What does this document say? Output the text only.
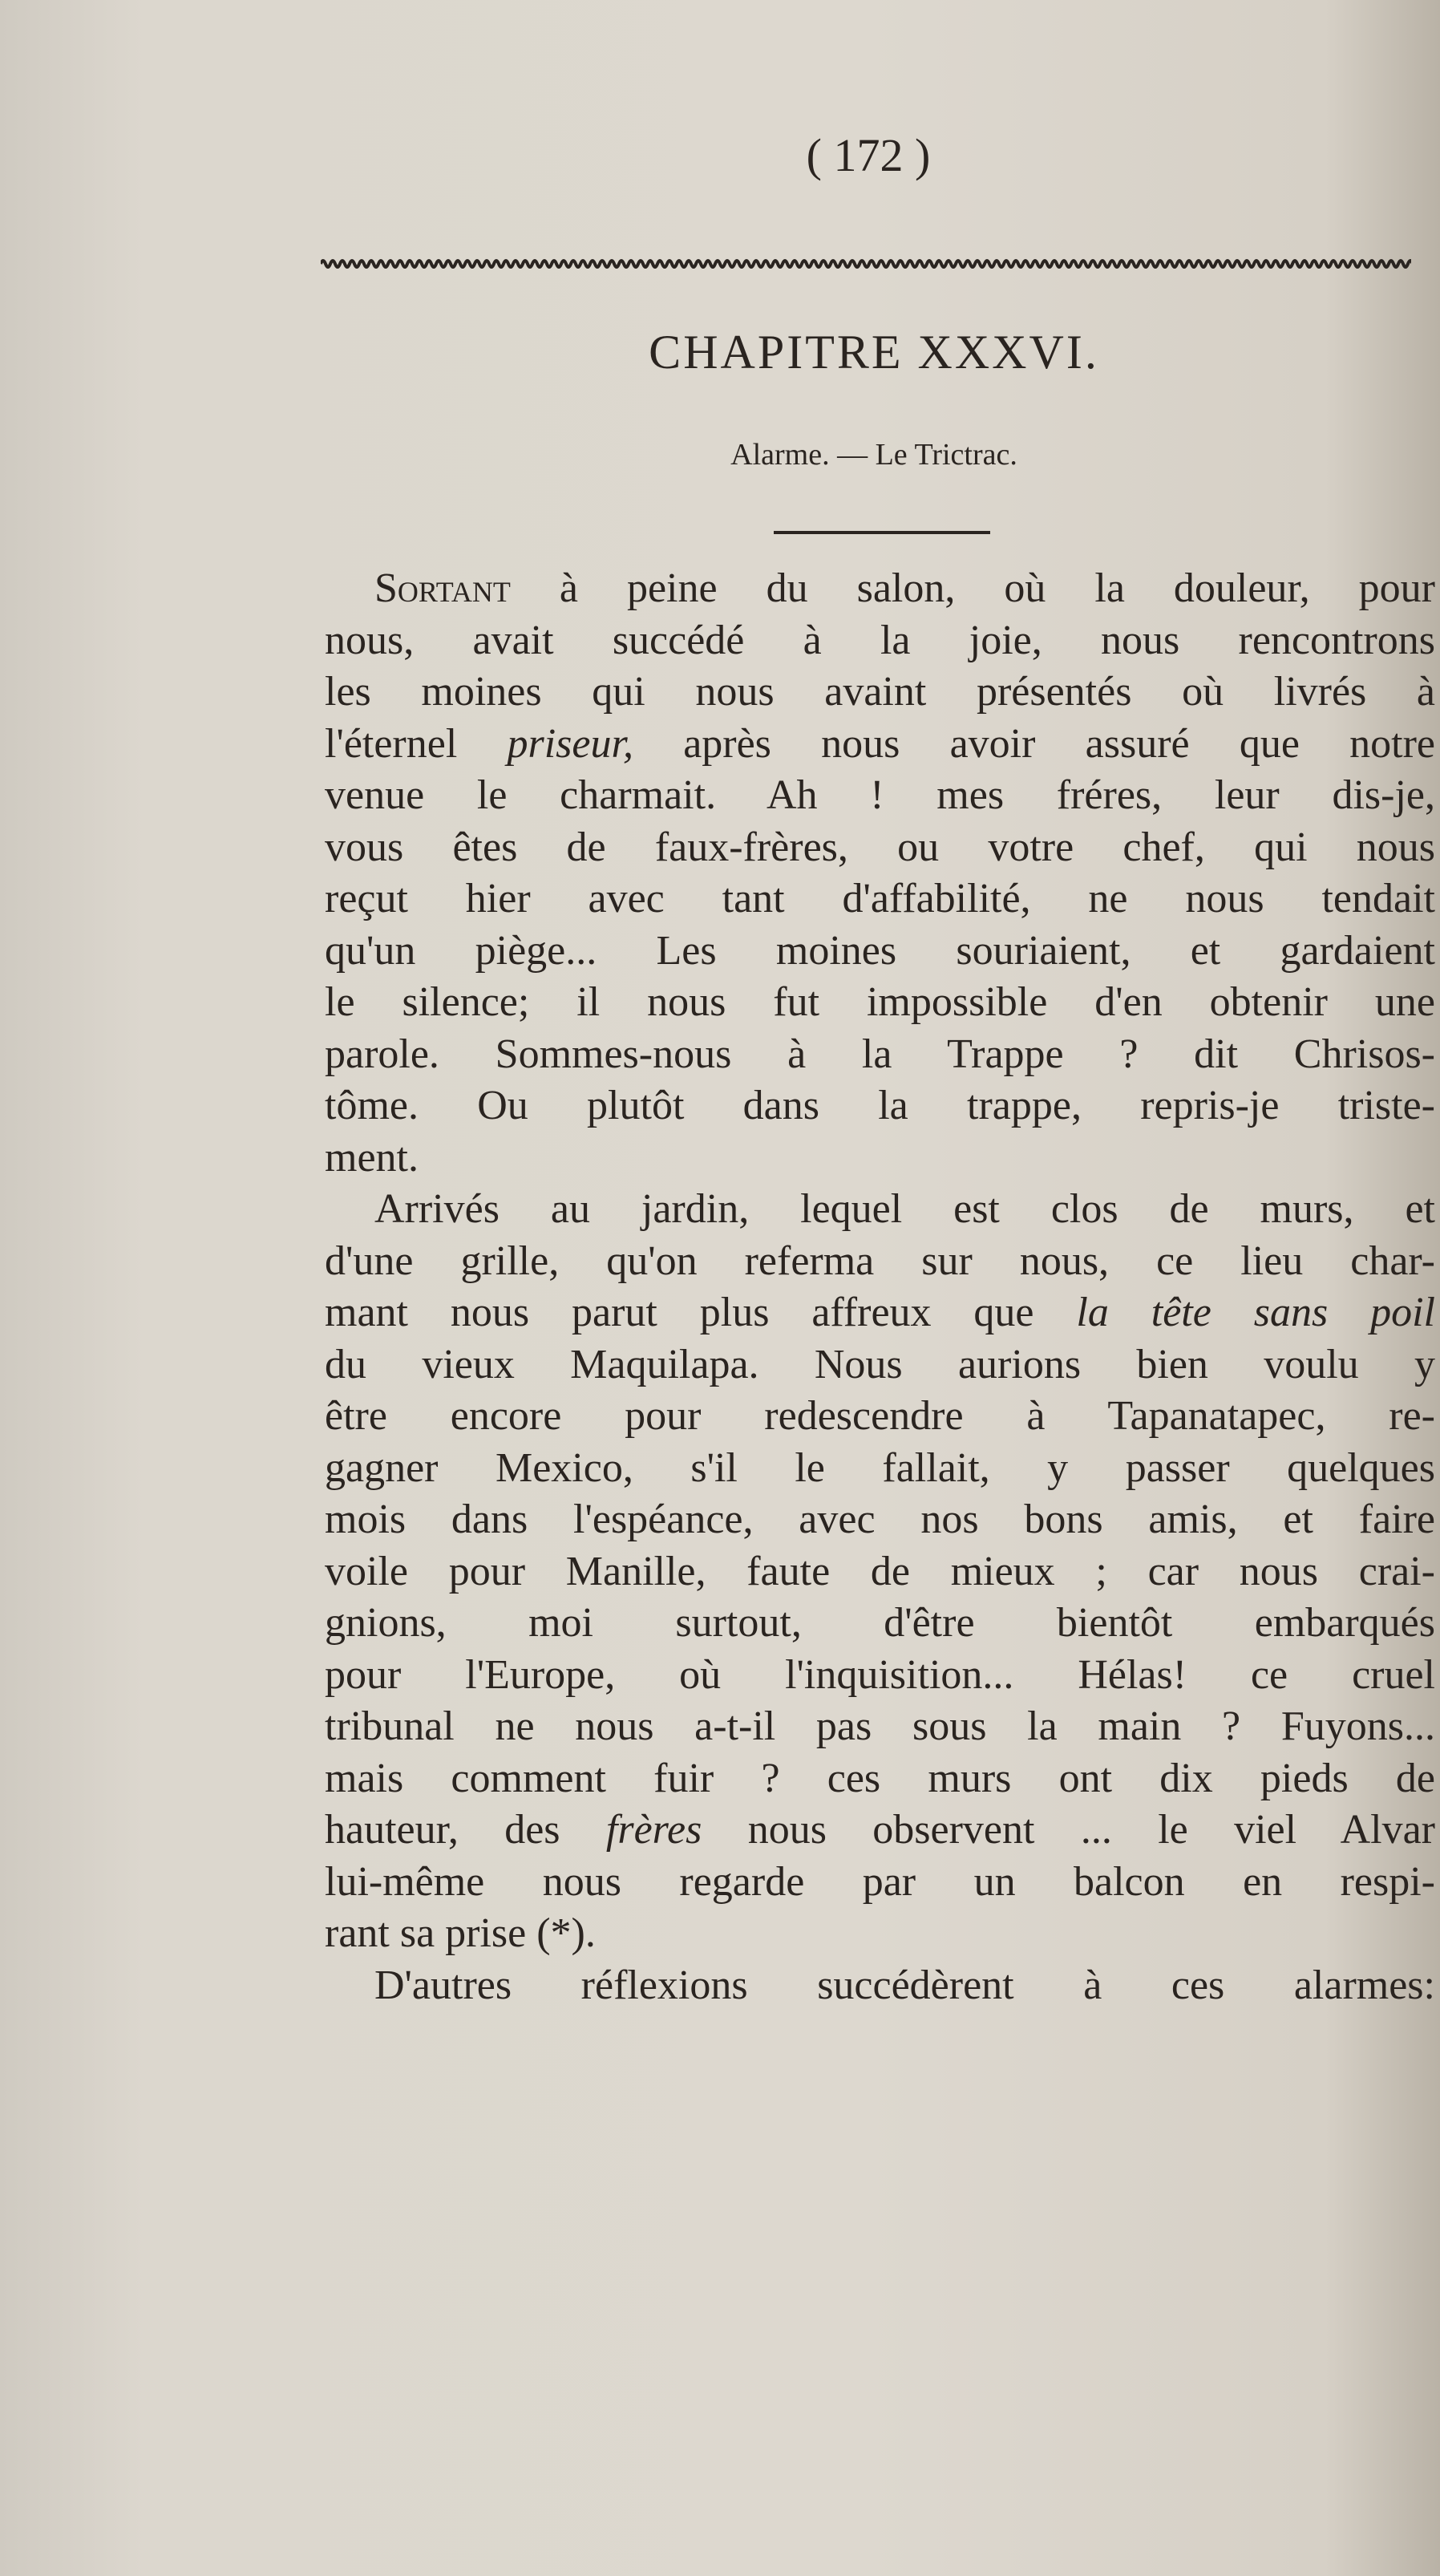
( 172 )
CHAPITRE XXXVI.
Alarme. — Le Trictrac.
Sortant à peine du salon, où la douleur, pour
nous, avait succédé à la joie, nous rencontrons
les moines qui nous avaint présentés où livrés à
l'éternel priseur, après nous avoir assuré que notre
venue le charmait. Ah ! mes fréres, leur dis-je,
vous êtes de faux-frères, ou votre chef, qui nous
reçut hier avec tant d'affabilité, ne nous tendait
qu'un piège... Les moines souriaient, et gardaient
le silence; il nous fut impossible d'en obtenir une
parole. Sommes-nous à la Trappe ? dit Chrisos-
tôme. Ou plutôt dans la trappe, repris-je triste-
ment.
Arrivés au jardin, lequel est clos de murs, et
d'une grille, qu'on referma sur nous, ce lieu char-
mant nous parut plus affreux que la tête sans poil
du vieux Maquilapa. Nous aurions bien voulu y
être encore pour redescendre à Tapanatapec, re-
gagner Mexico, s'il le fallait, y passer quelques
mois dans l'espéance, avec nos bons amis, et faire
voile pour Manille, faute de mieux ; car nous crai-
gnions, moi surtout, d'être bientôt embarqués
pour l'Europe, où l'inquisition... Hélas! ce cruel
tribunal ne nous a-t-il pas sous la main ? Fuyons...
mais comment fuir ? ces murs ont dix pieds de
hauteur, des frères nous observent ... le viel Alvar
lui-même nous regarde par un balcon en respi-
rant sa prise (*).
D'autres réflexions succédèrent à ces alarmes:
